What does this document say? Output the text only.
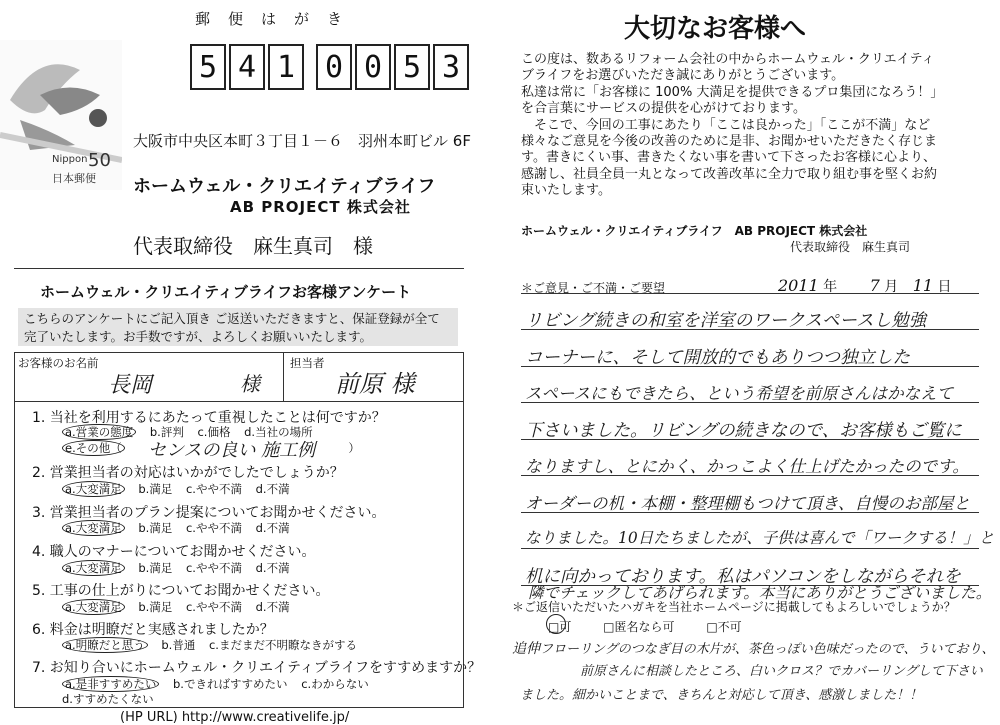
Nippon 50
日本郵便
郵便はがき
5 4 1 0 0 5 3
大阪市中央区本町３丁目１－６　羽州本町ビル 6F
ホームウェル・クリエイティブライフ
AB PROJECT 株式会社
代表取締役　麻生真司　様
ホームウェル・クリエイティブライフお客様アンケート
こちらのアンケートにご記入頂き ご返送いただきますと、保証登録が全て完了いたします。お手数ですが、よろしくお願いいたします。
お客様のお名前
長岡	様
担当者
前原 様
1. 当社を利用するにあたって重視したことは何ですか？
a.営業の態度 b.評判 c.価格 d.当社の場所
e.その他（	）
センスの良い 施工例
2. 営業担当者の対応はいかがでしたでしょうか？
a.大変満足 b.満足 c.やや不満 d.不満
3. 営業担当者のプラン提案についてお聞かせください。
a.大変満足 b.満足 c.やや不満 d.不満
4. 職人のマナーについてお聞かせください。
a.大変満足 b.満足 c.やや不満 d.不満
5. 工事の仕上がりについてお聞かせください。
a.大変満足 b.満足 c.やや不満 d.不満
6. 料金は明瞭だと実感されましたか？
a.明瞭だと思う b.普通 c.まだまだ不明瞭なきがする
7. お知り合いにホームウェル・クリエイティブライフをすすめますか？
a.是非すすめたい b.できればすすめたい c.わからない
d.すすめたくない
(HP URL) http://www.creativelife.jp/
大切なお客様へ
この度は、数あるリフォーム会社の中からホームウェル・クリエイティ
ブライフをお選びいただき誠にありがとうございます。
私達は常に「お客様に 100% 大満足を提供できるプロ集団になろう！」
を合言葉にサービスの提供を心がけております。
　そこで、今回の工事にあたり「ここは良かった」「ここが不満」など
様々なご意見を今後の改善のために是非、お聞かせいただきたく存じま
す。書きにくい事、書きたくない事を書いて下さったお客様に心より、
感謝し、社員全員一丸となって改善改革に全力で取り組む事を堅くお約
束いたします。
ホームウェル・クリエイティブライフ　AB PROJECT 株式会社
代表取締役　麻生真司
＊ご意見・ご不満・ご要望	2011 年 7 月 11 日
リビング続きの和室を洋室のワークスペースし勉強
コーナーに、そして開放的でもありつつ独立した
スペースにもできたら、という希望を前原さんはかなえて
下さいました。リビングの続きなので、お客様もご覧に
なりますし、とにかく、かっこよく仕上げたかったのです。
オーダーの机・本棚・整理棚もつけて頂き、自慢のお部屋と
なりました。10日たちましたが、子供は喜んで「ワークする！」と
机に向かっております。私はパソコンをしながらそれを
隣でチェックしてあげられます。本当にありがとうございました。
＊ご返信いただいたハガキを当社ホームページに掲載してもよろしいでしょうか？
□可	□匿名なら可	□不可
追伸 フローリングのつなぎ目の木片が、茶色っぽい色味だったので、ういており、
前原さんに相談したところ、白いクロス？でカバーリングして下さい
ました。細かいことまで、きちんと対応して頂き、感激しました！！
